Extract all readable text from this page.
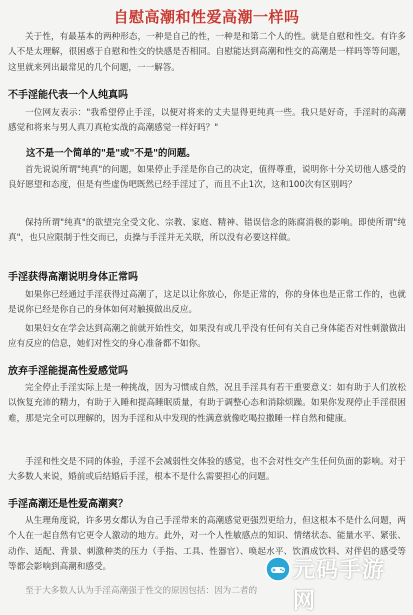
自慰高潮和性爱高潮一样吗
关于性，有最基本的两种形态，一种是自己的性，一种是和第二个人的性。就是自慰和性交。有许多人不是太理解，很困惑于自慰和性交的快感是否相同。自慰能达到高潮和性交的高潮是一样吗等等问题，这里就来列出最常见的几个问题，一一解答。
不手淫能代表一个人纯真吗
一位网友表示："我希望停止手淫，以便对将来的丈夫显得更纯真一些。我只是好奇，手淫时的高潮感觉和将来与男人真刀真枪实战的高潮感觉一样好吗？"
这不是一个简单的"是"或"不是"的问题。
首先说说所谓"纯真"的问题，如果停止手淫是你自己的决定，值得尊重，说明你十分关切他人感受的良好愿望和态度，但是有些虚伪吧既然已经手淫过了，而且不止1次，这和100次有区别吗？
保持所谓"纯真"的欲望完全受文化、宗教、家庭、精神、错误信念的陈腐消极的影响。即使所谓"纯真"，也只应限制于性交而已，贞操与手淫并无关联，所以没有必要这样做。
手淫获得高潮说明身体正常吗
如果你已经通过手淫获得过高潮了，这足以让你放心，你是正常的，你的身体也是正常工作的，也就是说你已经是你自己的身体如何对触摸做出反应。
如果妇女在学会达到高潮之前就开始性交，如果没有或几乎没有任何有关自己身体能否对性刺激做出应有反应的信息，她们对性交的身心准备都不如你。
放弃手淫能提高性爱感觉吗
完全停止手淫实际上是一种挑战，因为习惯成自然，况且手淫具有若干重要意义：如有助于人们放松以恢复充沛的精力，有助于入睡和提高睡眠质量，有助于调整心态和消除烦躁。如果你发现停止手淫很困难，那是完全可以理解的，因为手淫和从中发现的性满意就像吃喝拉撒睡一样自然和健康。
手淫和性交是不同的体验，手淫不会减弱性交体验的感觉，也不会对性交产生任何负面的影响。对于大多数人来说，婚前或后结婚后手淫，根本不是什么需要担心的问题。
手淫高潮还是性爱高潮爽？
从生理角度说，许多男女都认为自己手淫带来的高潮感觉更强烈更给力，但这根本不是什么问题，两个人在一起自然有它更令人激动的地方。此外，对一个人性敏感点的知识、情绪状态、能量水平、紧张、动作、适配、背景、刺激种类的压力（手指、工具、性器官）、唤起水平、饮酒成饮料、对伴侣的感受等等都会影响到高潮和感受。
至于大多数人认为手淫高潮强于性交的原因包括：因为二者的
元码手游网
